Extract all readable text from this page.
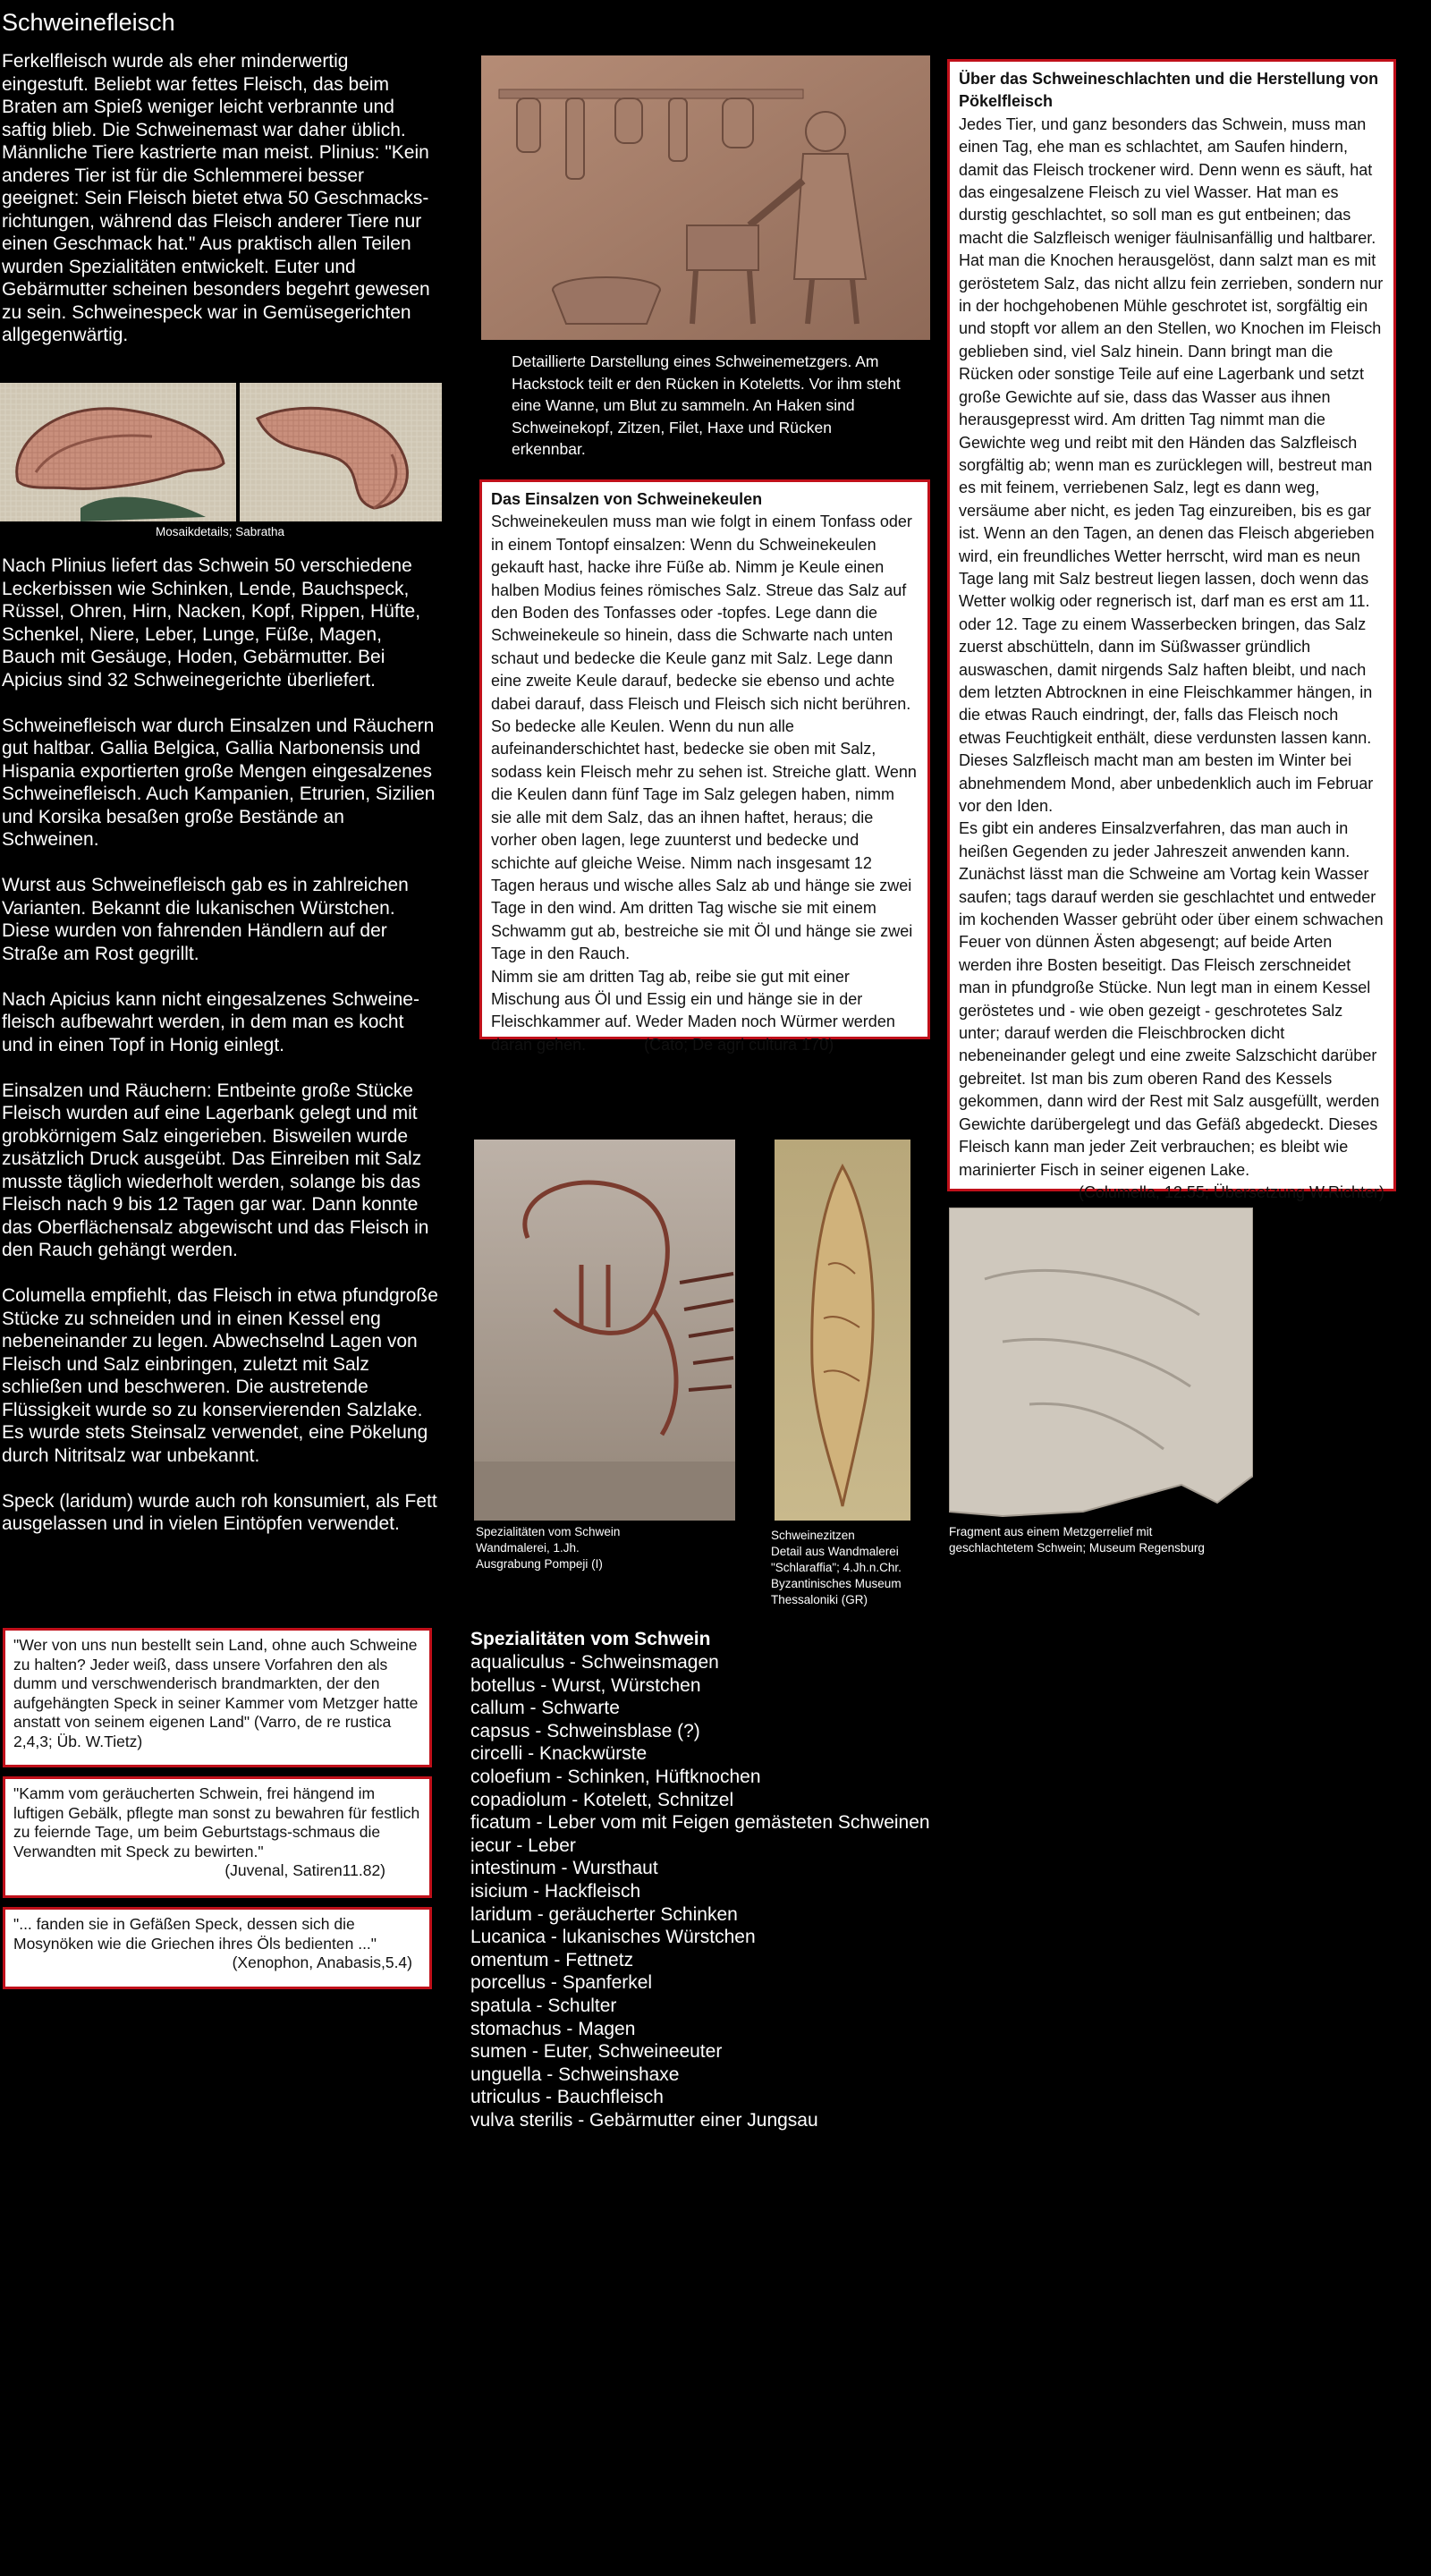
Schweinefleisch
Ferkelfleisch wurde als eher minderwertig eingestuft. Beliebt war fettes Fleisch, das beim Braten am Spieß weniger leicht verbrannte und saftig blieb. Die Schweinemast war daher üblich. Männliche Tiere kastrierte man meist. Plinius: "Kein anderes Tier ist für die Schlemmerei besser geeignet: Sein Fleisch bietet etwa 50 Geschmacks-richtungen, während das Fleisch anderer Tiere nur einen Geschmack hat." Aus praktisch allen Teilen wurden Spezialitäten entwickelt. Euter und Gebärmutter scheinen besonders begehrt gewesen zu sein. Schweinespeck war in Gemüsegerichten allgegenwärtig.
Mosaikdetails; Sabratha

Nach Plinius liefert das Schwein 50 verschiedene Leckerbissen wie Schinken, Lende, Bauchspeck, Rüssel, Ohren, Hirn, Nacken, Kopf, Rippen, Hüfte, Schenkel, Niere, Leber, Lunge, Füße, Magen, Bauch mit Gesäuge, Hoden, Gebärmutter. Bei Apicius sind 32 Schweinegerichte überliefert.

Schweinefleisch war durch Einsalzen und Räuchern gut haltbar. Gallia Belgica, Gallia Narbonensis und Hispania exportierten große Mengen eingesalzenes Schweinefleisch. Auch Kampanien, Etrurien, Sizilien und Korsika besaßen große Bestände an Schweinen.

Wurst aus Schweinefleisch gab es in zahlreichen Varianten. Bekannt die lukanischen Würstchen. Diese wurden von fahrenden Händlern auf der Straße am Rost gegrillt.

Nach Apicius kann nicht eingesalzenes Schweine-fleisch aufbewahrt werden, in dem man es kocht und in einen Topf in Honig einlegt.

Einsalzen und Räuchern: Entbeinte große Stücke Fleisch wurden auf eine Lagerbank gelegt und mit grobkörnigem Salz eingerieben. Bisweilen wurde zusätzlich Druck ausgeübt. Das Einreiben mit Salz musste täglich wiederholt werden, solange bis das Fleisch nach 9 bis 12 Tagen gar war. Dann konnte das Oberflächensalz abgewischt und das Fleisch in den Rauch gehängt werden.

Columella empfiehlt, das Fleisch in etwa pfundgroße Stücke zu schneiden und in einen Kessel eng nebeneinander zu legen. Abwechselnd Lagen von Fleisch und Salz einbringen, zuletzt mit Salz schließen und beschweren. Die austretende Flüssigkeit wurde so zu konservierenden Salzlake. Es wurde stets Steinsalz verwendet, eine Pökelung durch Nitritsalz war unbekannt.

Speck (laridum) wurde auch roh konsumiert, als Fett ausgelassen und in vielen Eintöpfen verwendet.

Detaillierte Darstellung eines Schweinemetzgers. Am Hackstock teilt er den Rücken in Koteletts. Vor ihm steht eine Wanne, um Blut zu sammeln. An Haken sind Schweinekopf, Zitzen, Filet, Haxe und Rücken erkennbar.
Das Einsalzen von Schweinekeulen

Schweinekeulen muss man wie folgt in einem Tonfass oder in einem Tontopf einsalzen: Wenn du Schweinekeulen gekauft hast, hacke ihre Füße ab. Nimm je Keule einen halben Modius feines römisches Salz. Streue das Salz auf den Boden des Tonfasses oder -topfes. Lege dann die Schweinekeule so hinein, dass die Schwarte nach unten schaut und bedecke die Keule ganz mit Salz. Lege dann eine zweite Keule darauf, bedecke sie ebenso und achte dabei darauf, dass Fleisch und Fleisch sich nicht berühren. So bedecke alle Keulen. Wenn du nun alle aufeinanderschichtet hast, bedecke sie oben mit Salz, sodass kein Fleisch mehr zu sehen ist. Streiche glatt. Wenn die Keulen dann fünf Tage im Salz gelegen haben, nimm sie alle mit dem Salz, das an ihnen haftet, heraus; die vorher oben lagen, lege zuunterst und bedecke und schichte auf gleiche Weise. Nimm nach insgesamt 12 Tagen heraus und wische alles Salz ab und hänge sie zwei Tage in den wind. Am dritten Tag wische sie mit einem Schwamm gut ab, bestreiche sie mit Öl und hänge sie zwei Tage in den Rauch.

Nimm sie am dritten Tag ab, reibe sie gut mit einer Mischung aus Öl und Essig ein und hänge sie in der Fleischkammer auf. Weder Maden noch Würmer werden daran gehen.	(Cato; De agri cultura 170)

Über das Schweineschlachten und die Herstellung von Pökelfleisch

Jedes Tier, und ganz besonders das Schwein, muss man einen Tag, ehe man es schlachtet, am Saufen hindern, damit das Fleisch trockener wird. Denn wenn es säuft, hat das eingesalzene Fleisch zu viel Wasser. Hat man es durstig geschlachtet, so soll man es gut entbeinen; das macht die Salzfleisch weniger fäulnisanfällig und haltbarer. Hat man die Knochen herausgelöst, dann salzt man es mit geröstetem Salz, das nicht allzu fein zerrieben, sondern nur in der hochgehobenen Mühle geschrotet ist, sorgfältig ein und stopft vor allem an den Stellen, wo Knochen im Fleisch geblieben sind, viel Salz hinein. Dann bringt man die Rücken oder sonstige Teile auf eine Lagerbank und setzt große Gewichte auf sie, dass das Wasser aus ihnen herausgepresst wird. Am dritten Tag nimmt man die Gewichte weg und reibt mit den Händen das Salzfleisch sorgfältig ab; wenn man es zurücklegen will, bestreut man es mit feinem, verriebenen Salz, legt es dann weg, versäume aber nicht, es jeden Tag einzureiben, bis es gar ist. Wenn an den Tagen, an denen das Fleisch abgerieben wird, ein freundliches Wetter herrscht, wird man es neun Tage lang mit Salz bestreut liegen lassen, doch wenn das Wetter wolkig oder regnerisch ist, darf man es erst am 11. oder 12. Tage zu einem Wasserbecken bringen, das Salz zuerst abschütteln, dann im Süßwasser gründlich auswaschen, damit nirgends Salz haften bleibt, und nach dem letzten Abtrocknen in eine Fleischkammer hängen, in die etwas Rauch eindringt, der, falls das Fleisch noch etwas Feuchtigkeit enthält, diese verdunsten lassen kann. Dieses Salzfleisch macht man am besten im Winter bei abnehmendem Mond, aber unbedenklich auch im Februar vor den Iden.

Es gibt ein anderes Einsalzverfahren, das man auch in heißen Gegenden zu jeder Jahreszeit anwenden kann. Zunächst lässt man die Schweine am Vortag kein Wasser saufen; tags darauf werden sie geschlachtet und entweder im kochenden Wasser gebrüht oder über einem schwachen Feuer von dünnen Ästen abgesengt; auf beide Arten werden ihre Bosten beseitigt. Das Fleisch zerschneidet man in pfundgroße Stücke. Nun legt man in einem Kessel geröstetes und - wie oben gezeigt - geschrotetes Salz unter; darauf werden die Fleischbrocken dicht nebeneinander gelegt und eine zweite Salzschicht darüber gebreitet. Ist man bis zum oberen Rand des Kessels gekommen, dann wird der Rest mit Salz ausgefüllt, werden Gewichte darübergelegt und das Gefäß abgedeckt. Dieses Fleisch kann man jeder Zeit verbrauchen; es bleibt wie marinierter Fisch in seiner eigenen Lake.

(Columella, 12.55; Übersetzung W.Richter)

Spezialitäten vom Schwein
Wandmalerei, 1.Jh.
Ausgrabung Pompeji (I)
Schweinezitzen
Detail aus Wandmalerei
"Schlaraffia"; 4.Jh.n.Chr.
Byzantinisches Museum
Thessaloniki (GR)
Fragment aus einem Metzgerrelief mit
geschlachtetem Schwein; Museum Regensburg
"Wer von uns nun bestellt sein Land, ohne auch Schweine zu halten? Jeder weiß, dass unsere Vorfahren den als dumm und verschwenderisch brandmarkten, der den aufgehängten Speck in seiner Kammer vom Metzger hatte anstatt von seinem eigenen Land" (Varro, de re rustica 2,4,3; Üb. W.Tietz)
"Kamm vom geräucherten Schwein, frei hängend im luftigen Gebälk, pflegte man sonst zu bewahren für festlich zu feiernde Tage, um beim Geburtstags-schmaus die Verwandten mit Speck zu bewirten."
(Juvenal, Satiren11.82)
"... fanden sie in Gefäßen Speck, dessen sich die Mosynöken wie die Griechen ihres Öls bedienten ..."
(Xenophon, Anabasis,5.4)
Spezialitäten vom Schwein
aqualiculus - Schweinsmagen
botellus - Wurst, Würstchen
callum - Schwarte
capsus - Schweinsblase (?)
circelli - Knackwürste
coloefium - Schinken, Hüftknochen
copadiolum - Kotelett, Schnitzel
ficatum - Leber vom mit Feigen gemästeten Schweinen
iecur - Leber
intestinum - Wursthaut
isicium - Hackfleisch
laridum - geräucherter Schinken
Lucanica - lukanisches Würstchen
omentum - Fettnetz
porcellus - Spanferkel
spatula - Schulter
stomachus - Magen
sumen - Euter, Schweineeuter
unguella - Schweinshaxe
utriculus - Bauchfleisch
vulva sterilis - Gebärmutter einer Jungsau
